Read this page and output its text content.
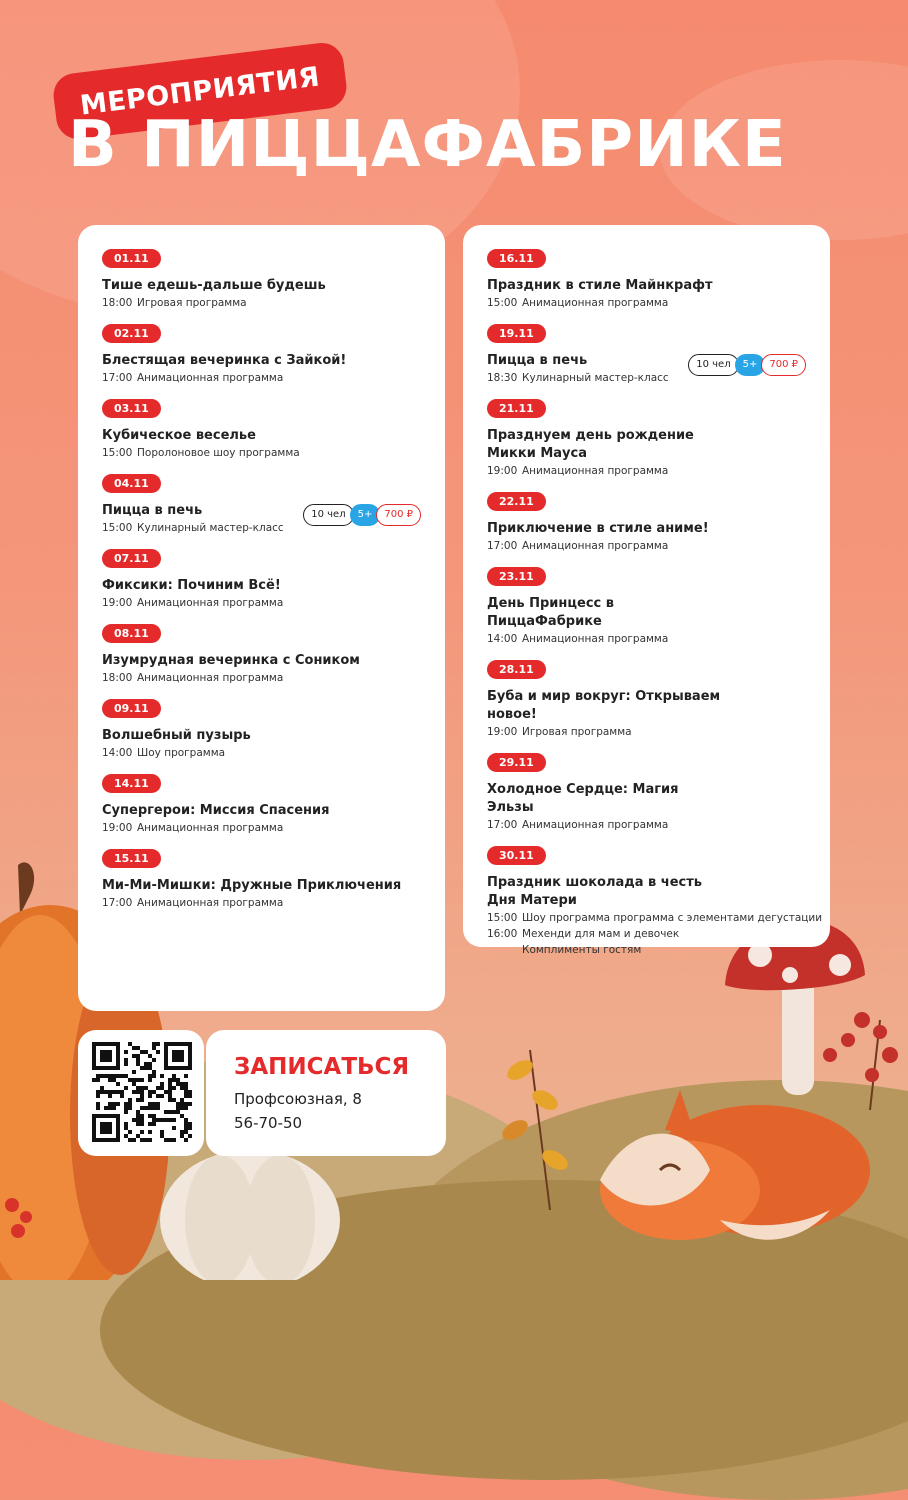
МЕРОПРИЯТИЯ
В ПИЦЦАФАБРИКЕ
01.11

Тише едешь-дальше будешь

18:00 Игровая программа
02.11

Блестящая вечеринка с Зайкой!

17:00 Анимационная программа
03.11

Кубическое веселье

15:00 Поролоновое шоу программа
04.11

Пицца в печь

15:00 Кулинарный мастер-класс
10 чел	5+	700 ₽
07.11

Фиксики: Починим Всё!

19:00 Анимационная программа
08.11

Изумрудная вечеринка с Соником

18:00 Анимационная программа
09.11

Волшебный пузырь

14:00 Шоу программа
14.11

Супергерои: Миссия Спасения

19:00 Анимационная программа
15.11

Ми-Ми-Мишки: Дружные Приключения

17:00 Анимационная программа
16.11

Праздник в стиле Майнкрафт

15:00 Анимационная программа
19.11

Пицца в печь

18:30 Кулинарный мастер-класс
10 чел	5+	700 ₽
21.11

Празднуем день рождение Микки Мауса

19:00 Анимационная программа
22.11

Приключение в стиле аниме!

17:00 Анимационная программа
23.11

День Принцесс в ПиццаФабрике

14:00 Анимационная программа
28.11

Буба и мир вокруг: Открываем новое!

19:00 Игровая программа
29.11

Холодное Сердце: Магия Эльзы

17:00 Анимационная программа
30.11

Праздник шоколада в честь Дня Матери

15:00 Шоу программа программа с элементами дегустации
16:00 Мехенди для мам и девочек
Комплименты гостям
ЗАПИСАТЬСЯ
Профсоюзная, 8
56-70-50
